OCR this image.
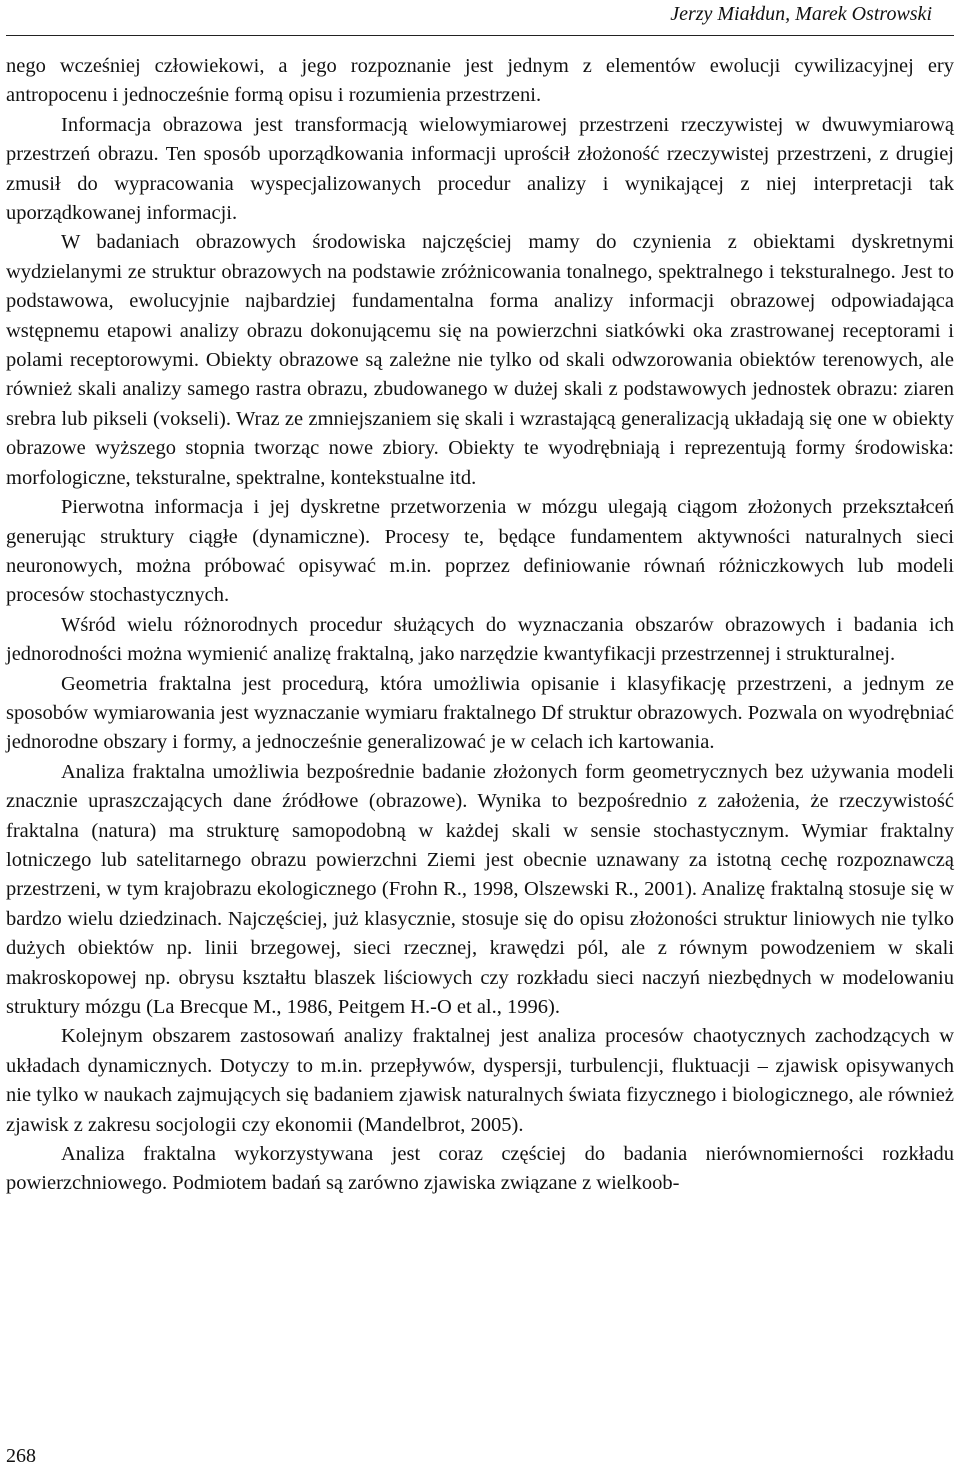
Jerzy Miałdun, Marek Ostrowski

nego wcześniej człowiekowi, a jego rozpoznanie jest jednym z elementów ewolucji cywilizacyjnej ery antropocenu i jednocześnie formą opisu i rozumienia przestrzeni.

Informacja obrazowa jest transformacją wielowymiarowej przestrzeni rzeczywistej w dwuwymiarową przestrzeń obrazu. Ten sposób uporządkowania informacji uprościł złożoność rzeczywistej przestrzeni, z drugiej zmusił do wypracowania wyspecjalizowanych procedur analizy i wynikającej z niej interpretacji tak uporządkowanej informacji.

W badaniach obrazowych środowiska najczęściej mamy do czynienia z obiektami dyskretnymi wydzielanymi ze struktur obrazowych na podstawie zróżnicowania tonalnego, spektralnego i teksturalnego. Jest to podstawowa, ewolucyjnie najbardziej fundamentalna forma analizy informacji obrazowej odpowiadająca wstępnemu etapowi analizy obrazu dokonującemu się na powierzchni siatkówki oka zrastrowanej receptorami i polami receptorowymi. Obiekty obrazowe są zależne nie tylko od skali odwzorowania obiektów terenowych, ale również skali analizy samego rastra obrazu, zbudowanego w dużej skali z podstawowych jednostek obrazu: ziaren srebra lub pikseli (vokseli). Wraz ze zmniejszaniem się skali i wzrastającą generalizacją układają się one w obiekty obrazowe wyższego stopnia tworząc nowe zbiory. Obiekty te wyodrębniają i reprezentują formy środowiska: morfologiczne, teksturalne, spektralne, kontekstualne itd.

Pierwotna informacja i jej dyskretne przetworzenia w mózgu ulegają ciągom złożonych przekształceń generując struktury ciągłe (dynamiczne). Procesy te, będące fundamentem aktywności naturalnych sieci neuronowych, można próbować opisywać m.in. poprzez definiowanie równań różniczkowych lub modeli procesów stochastycznych.

Wśród wielu różnorodnych procedur służących do wyznaczania obszarów obrazowych i badania ich jednorodności można wymienić analizę fraktalną, jako narzędzie kwantyfikacji przestrzennej i strukturalnej.

Geometria fraktalna jest procedurą, która umożliwia opisanie i klasyfikację przestrzeni, a jednym ze sposobów wymiarowania jest wyznaczanie wymiaru fraktalnego Df struktur obrazowych. Pozwala on wyodrębniać jednorodne obszary i formy, a jednocześnie generalizować je w celach ich kartowania.

Analiza fraktalna umożliwia bezpośrednie badanie złożonych form geometrycznych bez używania modeli znacznie upraszczających dane źródłowe (obrazowe). Wynika to bezpośrednio z założenia, że rzeczywistość fraktalna (natura) ma strukturę samopodobną w każdej skali w sensie stochastycznym. Wymiar fraktalny lotniczego lub satelitarnego obrazu powierzchni Ziemi jest obecnie uznawany za istotną cechę rozpoznawczą przestrzeni, w tym krajobrazu ekologicznego (Frohn R., 1998, Olszewski R., 2001). Analizę fraktalną stosuje się w bardzo wielu dziedzinach. Najczęściej, już klasycznie, stosuje się do opisu złożoności struktur liniowych nie tylko dużych obiektów np. linii brzegowej, sieci rzecznej, krawędzi pól, ale z równym powodzeniem w skali makroskopowej np. obrysu kształtu blaszek liściowych czy rozkładu sieci naczyń niezbędnych w modelowaniu struktury mózgu (La Brecque M., 1986, Peitgem H.-O et al., 1996).

Kolejnym obszarem zastosowań analizy fraktalnej jest analiza procesów chaotycznych zachodzących w układach dynamicznych. Dotyczy to m.in. przepływów, dyspersji, turbulencji, fluktuacji – zjawisk opisywanych nie tylko w naukach zajmujących się badaniem zjawisk naturalnych świata fizycznego i biologicznego, ale również zjawisk z zakresu socjologii czy ekonomii (Mandelbrot, 2005).

Analiza fraktalna wykorzystywana jest coraz częściej do badania nierównomierności rozkładu powierzchniowego. Podmiotem badań są zarówno zjawiska związane z wielkoob-

268
